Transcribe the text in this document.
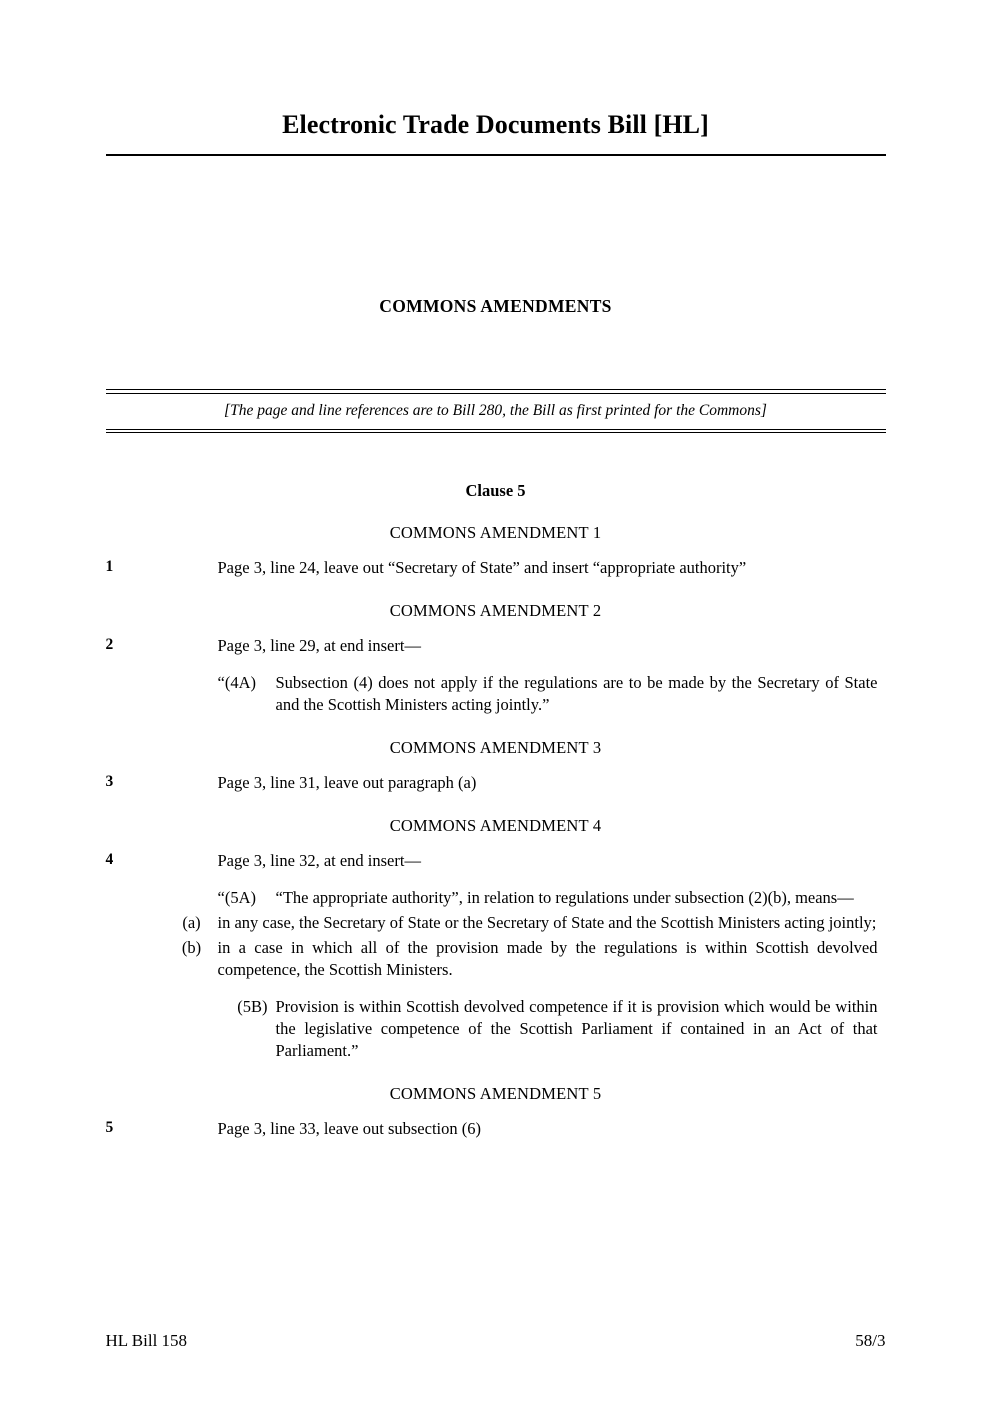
Electronic Trade Documents Bill [HL]
COMMONS AMENDMENTS
[The page and line references are to Bill 280, the Bill as first printed for the Commons]
Clause 5
COMMONS AMENDMENT 1
1	Page 3, line 24, leave out “Secretary of State” and insert “appropriate authority”
COMMONS AMENDMENT 2
2	Page 3, line 29, at end insert—
“(4A)	Subsection (4) does not apply if the regulations are to be made by the Secretary of State and the Scottish Ministers acting jointly.”
COMMONS AMENDMENT 3
3	Page 3, line 31, leave out paragraph (a)
COMMONS AMENDMENT 4
4	Page 3, line 32, at end insert—
“(5A)	“The appropriate authority”, in relation to regulations under subsection (2)(b), means—
(a)	in any case, the Secretary of State or the Secretary of State and the Scottish Ministers acting jointly;
(b) in a case in which all of the provision made by the regulations is within Scottish devolved competence, the Scottish Ministers.
(5B) Provision is within Scottish devolved competence if it is provision which would be within the legislative competence of the Scottish Parliament if contained in an Act of that Parliament.”
COMMONS AMENDMENT 5
5	Page 3, line 33, leave out subsection (6)
HL Bill 158	58/3
